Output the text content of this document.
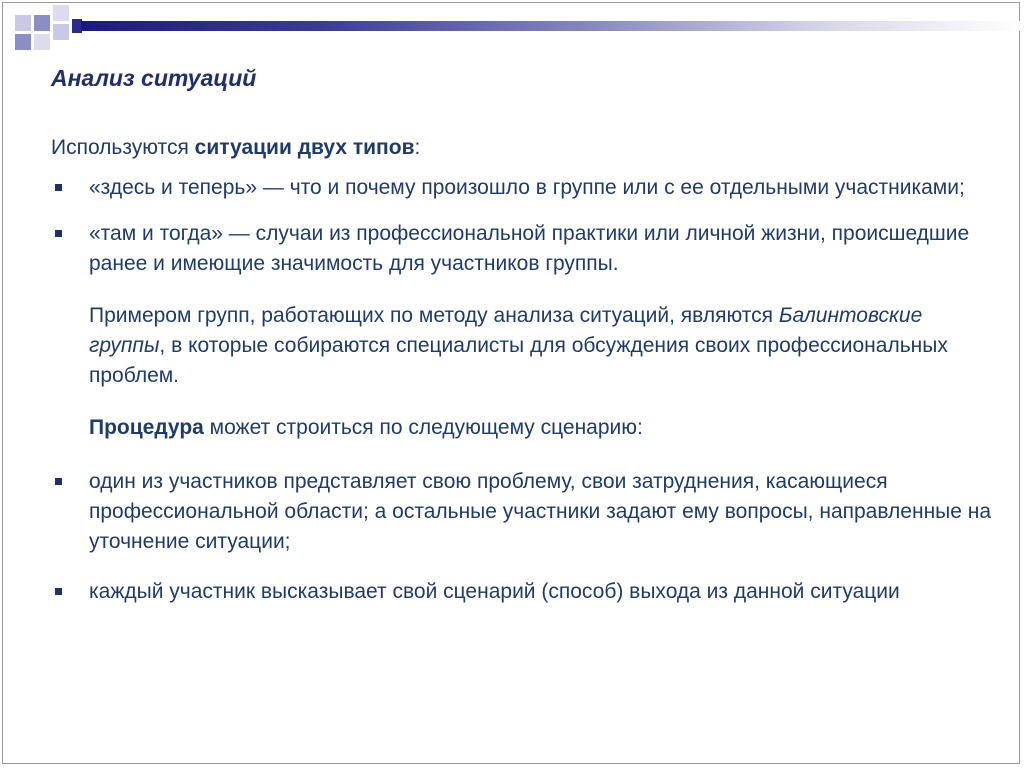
Анализ ситуаций

Используются ситуации двух типов:

«здесь и теперь» — что и почему произошло в группе или с ее отдельными участниками;

«там и тогда» — случаи из профессиональной практики или личной жизни, происшедшие ранее и имеющие значимость для участников группы.

Примером групп, работающих по методу анализа ситуаций, являются Балинтовские группы, в которые собираются специалисты для обсуждения своих профессиональных проблем.

Процедура может строиться по следующему сценарию:

один из участников представляет свою проблему, свои затруднения, касающиеся профессиональной области; а остальные участники задают ему вопросы, направленные на уточнение ситуации;

каждый участник высказывает свой сценарий (способ) выхода из данной ситуации
